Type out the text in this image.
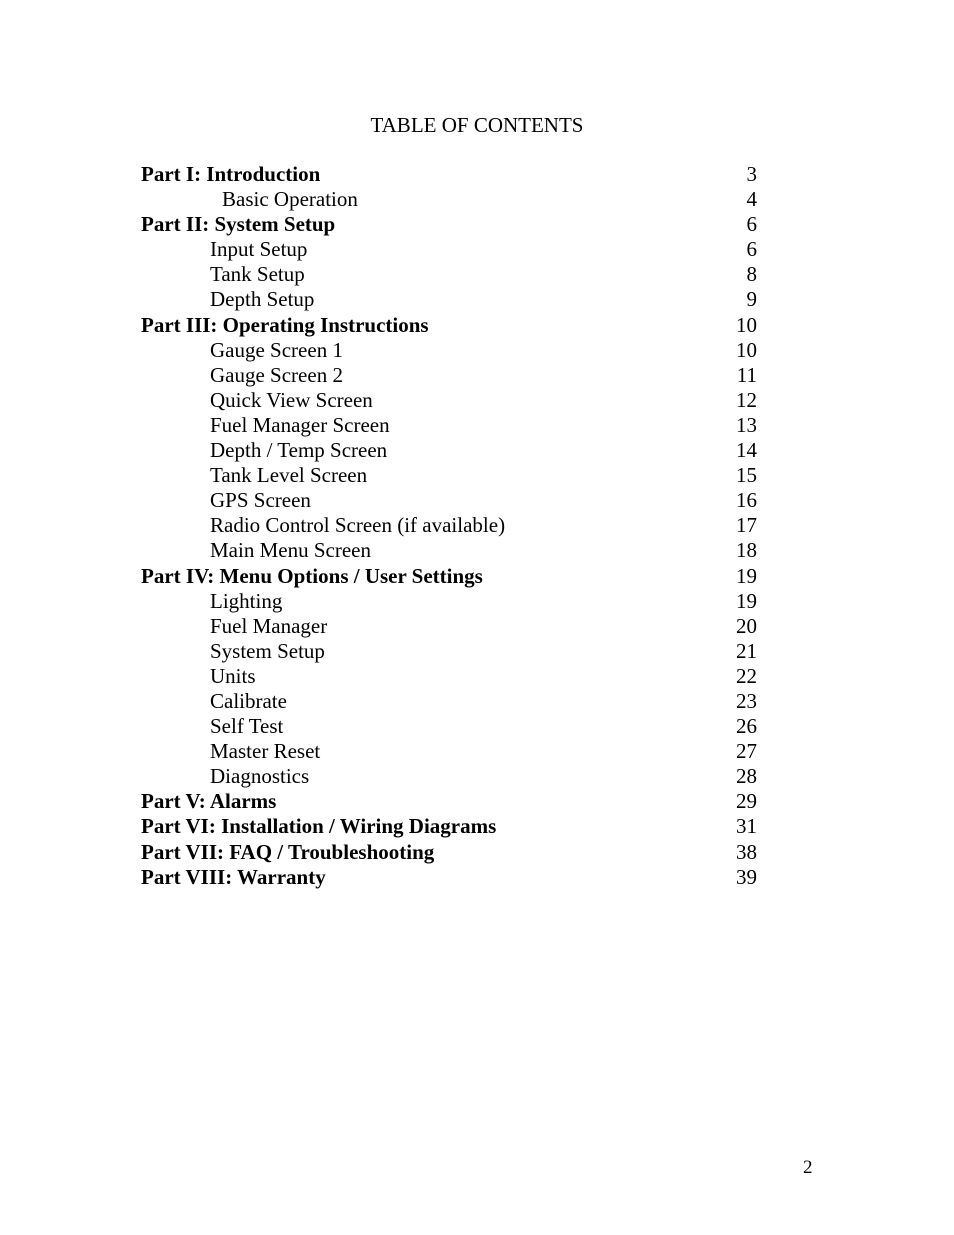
TABLE OF CONTENTS
Part I: Introduction	3
Basic Operation	4
Part II: System Setup	6
Input Setup	6
Tank Setup	8
Depth Setup	9
Part III: Operating Instructions	10
Gauge Screen 1	10
Gauge Screen 2	11
Quick View Screen	12
Fuel Manager Screen	13
Depth / Temp Screen	14
Tank Level Screen	15
GPS Screen	16
Radio Control Screen (if available)	17
Main Menu Screen	18
Part IV: Menu Options / User Settings	19
Lighting	19
Fuel Manager	20
System Setup	21
Units	22
Calibrate	23
Self Test	26
Master Reset	27
Diagnostics	28
Part V: Alarms	29
Part VI: Installation / Wiring Diagrams	31
Part VII: FAQ / Troubleshooting	38
Part VIII: Warranty	39
2
